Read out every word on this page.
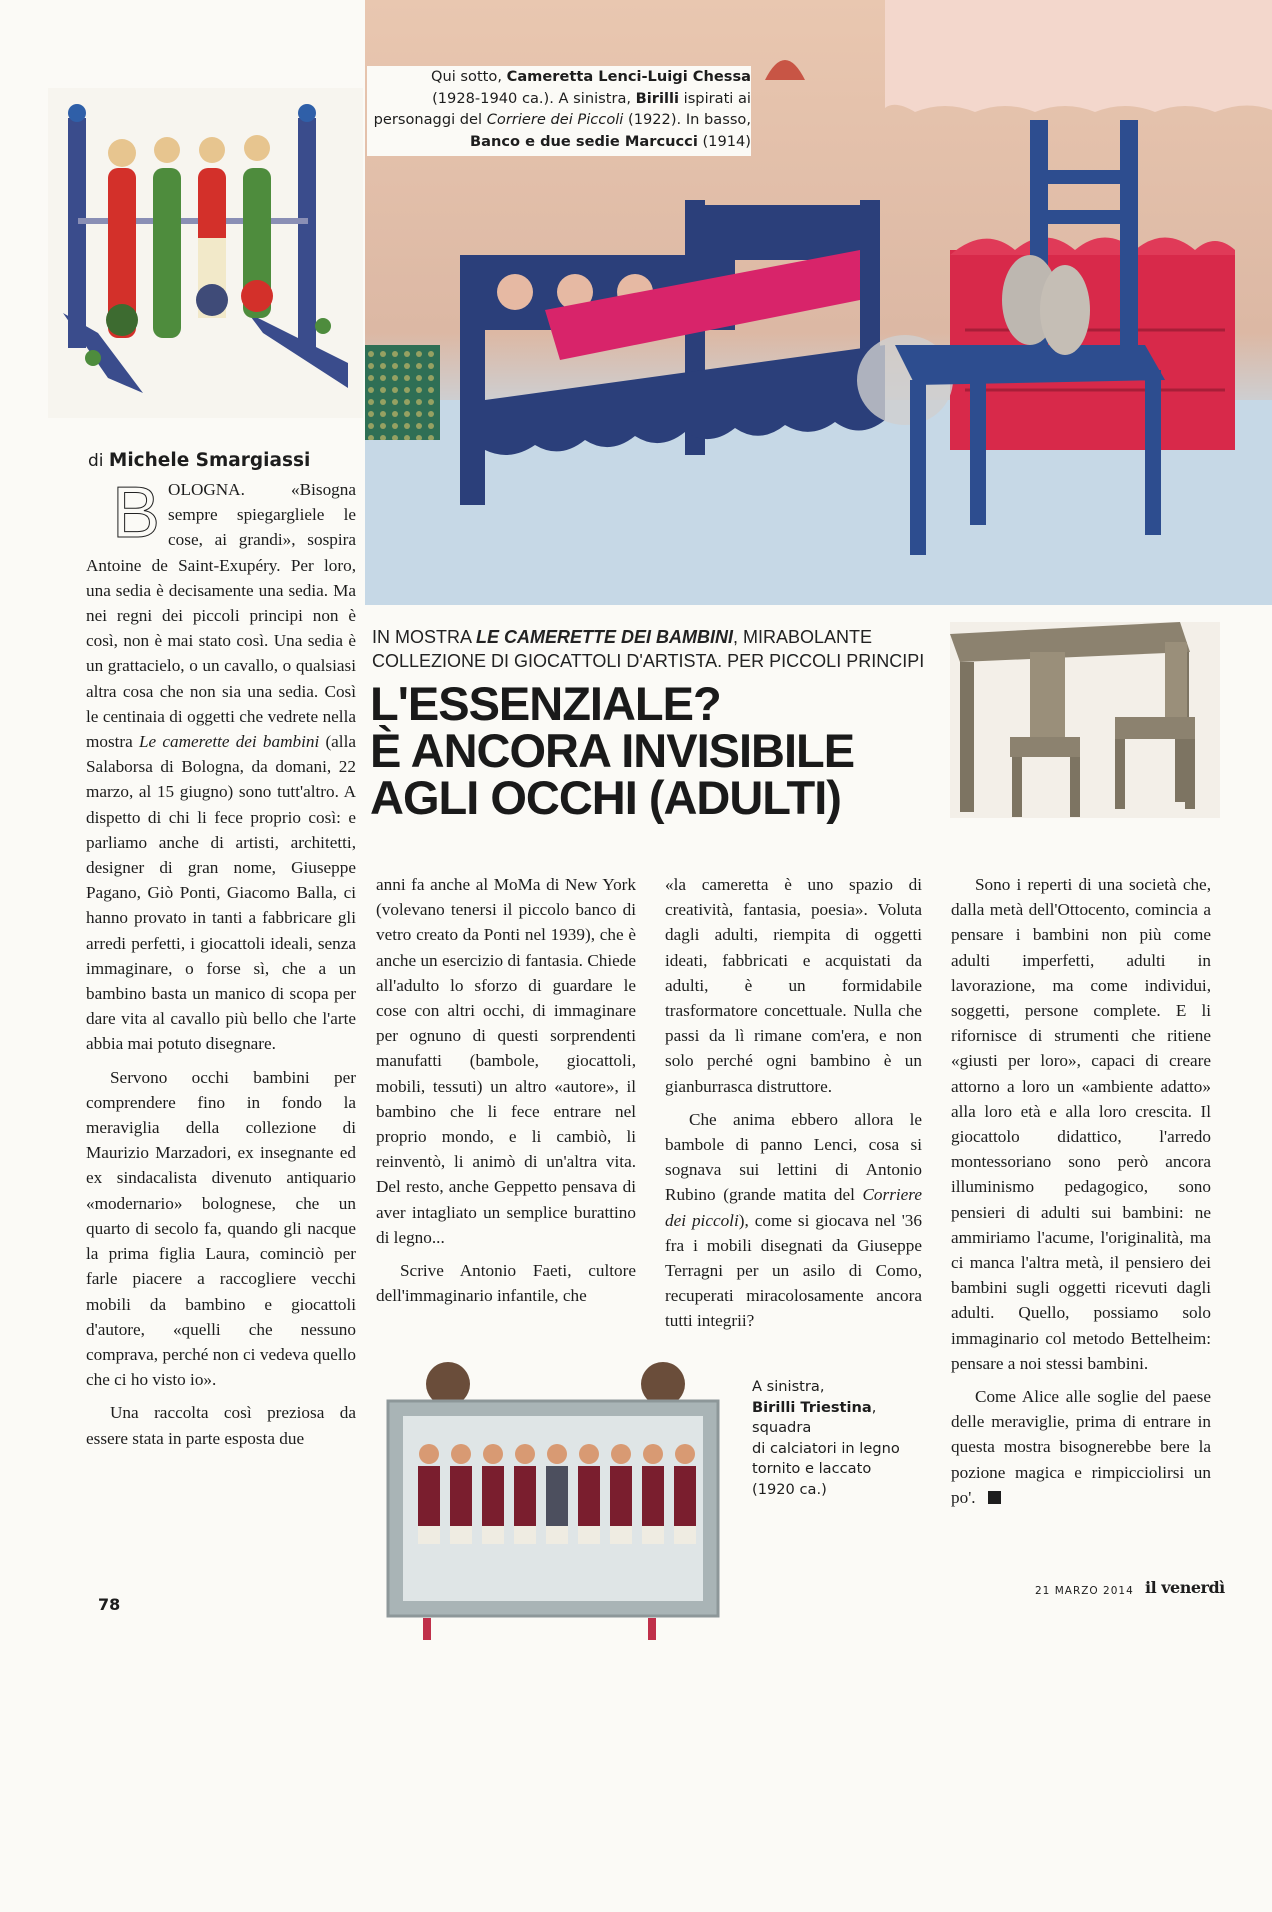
Qui sotto, Cameretta Lenci-Luigi Chessa
(1928-1940 ca.). A sinistra, Birilli ispirati ai
personaggi del Corriere dei Piccoli (1922). In basso,
Banco e due sedie Marcucci (1914)
di Michele Smargiassi

BOLOGNA. «Bisogna sempre spiegargliele le cose, ai grandi», sospira Antoine de Saint-Exupéry. Per loro, una sedia è decisamente una sedia. Ma nei regni dei piccoli principi non è così, non è mai stato così. Una sedia è un grattacielo, o un cavallo, o qualsiasi altra cosa che non sia una sedia. Così le centinaia di oggetti che vedrete nella mostra Le camerette dei bambini (alla Salaborsa di Bologna, da domani, 22 marzo, al 15 giugno) sono tutt'altro. A dispetto di chi li fece proprio così: e parliamo anche di artisti, architetti, designer di gran nome, Giuseppe Pagano, Giò Ponti, Giacomo Balla, ci hanno provato in tanti a fabbricare gli arredi perfetti, i giocattoli ideali, senza immaginare, o forse sì, che a un bambino basta un manico di scopa per dare vita al cavallo più bello che l'arte abbia mai potuto disegnare.

Servono occhi bambini per comprendere fino in fondo la meraviglia della collezione di Maurizio Marzadori, ex insegnante ed ex sindacalista divenuto antiquario «modernario» bolognese, che un quarto di secolo fa, quando gli nacque la prima figlia Laura, cominciò per farle piacere a raccogliere vecchi mobili da bambino e giocattoli d'autore, «quelli che nessuno comprava, perché non ci vedeva quello che ci ho visto io».

Una raccolta così preziosa da essere stata in parte esposta due

IN MOSTRA LE CAMERETTE DEI BAMBINI, MIRABOLANTE
COLLEZIONE DI GIOCATTOLI D'ARTISTA. PER PICCOLI PRINCIPI
L'ESSENZIALE?
È ANCORA INVISIBILE
AGLI OCCHI (ADULTI)

anni fa anche al MoMa di New York (volevano tenersi il piccolo banco di vetro creato da Ponti nel 1939), che è anche un esercizio di fantasia. Chiede all'adulto lo sforzo di guardare le cose con altri occhi, di immaginare per ognuno di questi sorprendenti manufatti (bambole, giocattoli, mobili, tessuti) un altro «autore», il bambino che li fece entrare nel proprio mondo, e li cambiò, li reinventò, li animò di un'altra vita. Del resto, anche Geppetto pensava di aver intagliato un semplice burattino di legno...

Scrive Antonio Faeti, cultore dell'immaginario infantile, che

«la cameretta è uno spazio di creatività, fantasia, poesia». Voluta dagli adulti, riempita di oggetti ideati, fabbricati e acquistati da adulti, è un formidabile trasformatore concettuale. Nulla che passi da lì rimane com'era, e non solo perché ogni bambino è un gianburrasca distruttore.

Che anima ebbero allora le bambole di panno Lenci, cosa si sognava sui lettini di Antonio Rubino (grande matita del Corriere dei piccoli), come si giocava nel '36 fra i mobili disegnati da Giuseppe Terragni per un asilo di Como, recuperati miracolosamente ancora tutti integrii?

Sono i reperti di una società che, dalla metà dell'Ottocento, comincia a pensare i bambini non più come adulti imperfetti, adulti in lavorazione, ma come individui, soggetti, persone complete. E li rifornisce di strumenti che ritiene «giusti per loro», capaci di creare attorno a loro un «ambiente adatto» alla loro età e alla loro crescita. Il giocattolo didattico, l'arredo montessoriano sono però ancora illuminismo pedagogico, sono pensieri di adulti sui bambini: ne ammiriamo l'acume, l'originalità, ma ci manca l'altra metà, il pensiero dei bambini sugli oggetti ricevuti dagli adulti. Quello, possiamo solo immaginario col metodo Bettelheim: pensare a noi stessi bambini.

Come Alice alle soglie del paese delle meraviglie, prima di entrare in questa mostra bisognerebbe bere la pozione magica e rimpicciolirsi un po'.

A sinistra,
Birilli Triestina,
squadra
di calciatori in legno
tornito e laccato
(1920 ca.)
78
21 MARZO 2014 il venerdì
